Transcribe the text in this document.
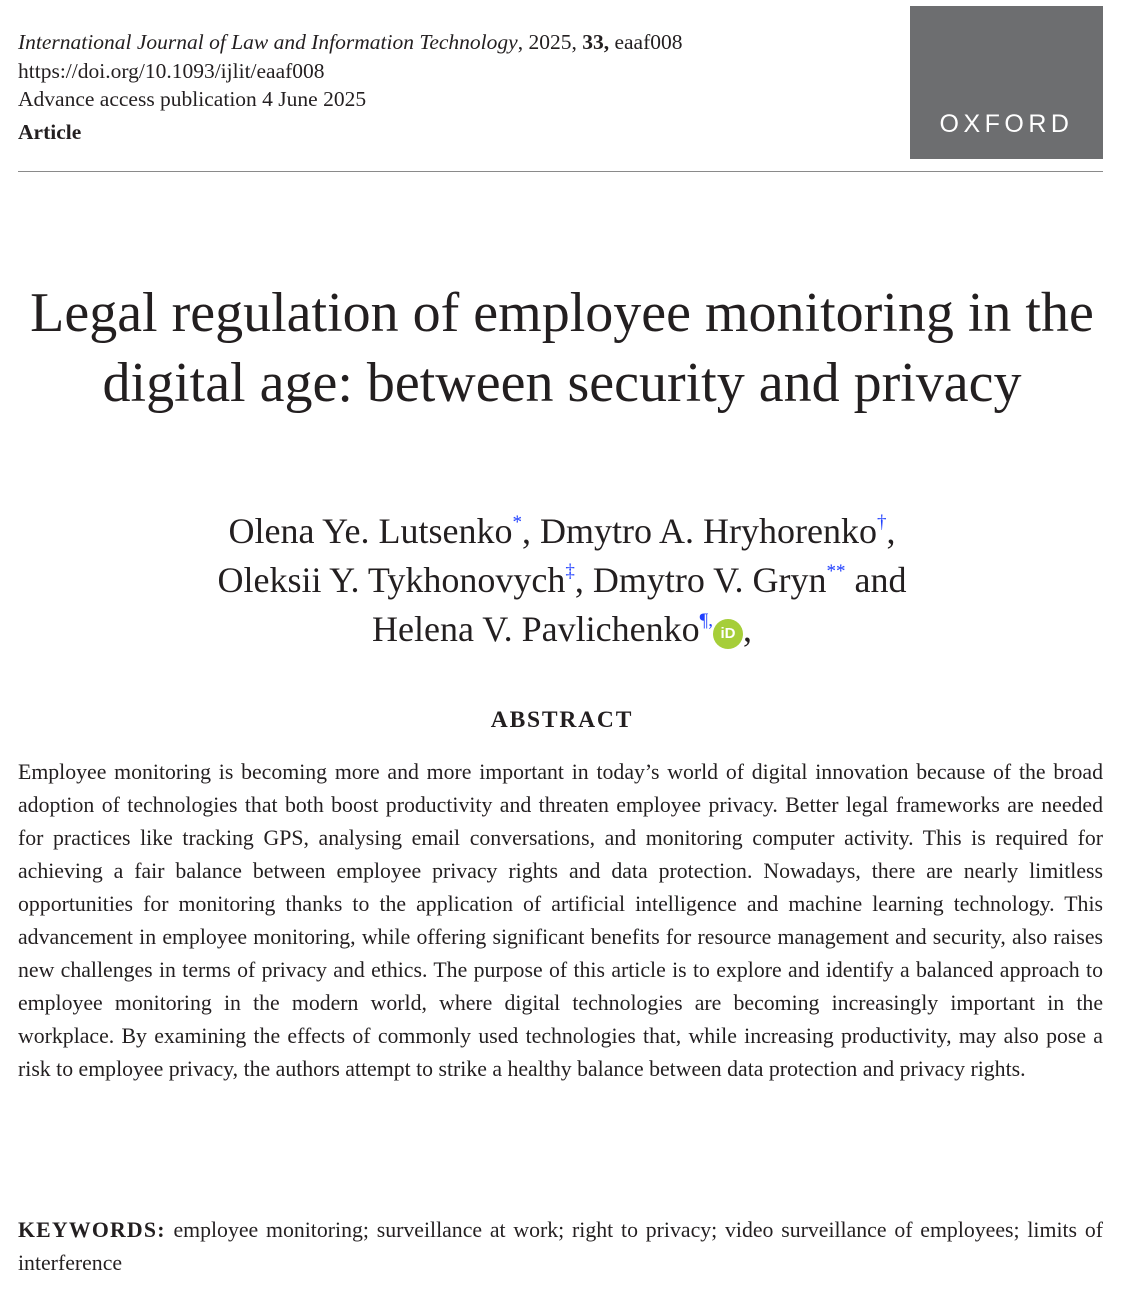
International Journal of Law and Information Technology, 2025, 33, eaaf008
https://doi.org/10.1093/ijlit/eaaf008
Advance access publication 4 June 2025
Article	OXFORD
Legal regulation of employee monitoring in the digital age: between security and privacy
Olena Ye. Lutsenko*, Dmytro A. Hryhorenko†,
Oleksii Y. Tykhonovych‡, Dmytro V. Gryn** and
Helena V. Pavlichenko¶,iD ,
ABSTRACT

Employee monitoring is becoming more and more important in today’s world of digital innovation because of the broad adoption of technologies that both boost productivity and threaten employee privacy. Better legal frameworks are needed for practices like tracking GPS, analysing email conversations, and monitoring computer activity. This is required for achieving a fair balance between employee privacy rights and data protection. Nowadays, there are nearly limitless opportunities for monitoring thanks to the application of artificial intelligence and machine learning technology. This advancement in employee monitoring, while offering significant benefits for resource management and security, also raises new challenges in terms of privacy and ethics. The purpose of this article is to explore and identify a balanced approach to employee monitoring in the modern world, where digital technologies are becoming increasingly important in the workplace. By examining the effects of commonly used technologies that, while increasing productivity, may also pose a risk to employee privacy, the authors attempt to strike a healthy balance between data protection and privacy rights.

KEYWORDS: employee monitoring; surveillance at work; right to privacy; video surveillance of employees; limits of interference
